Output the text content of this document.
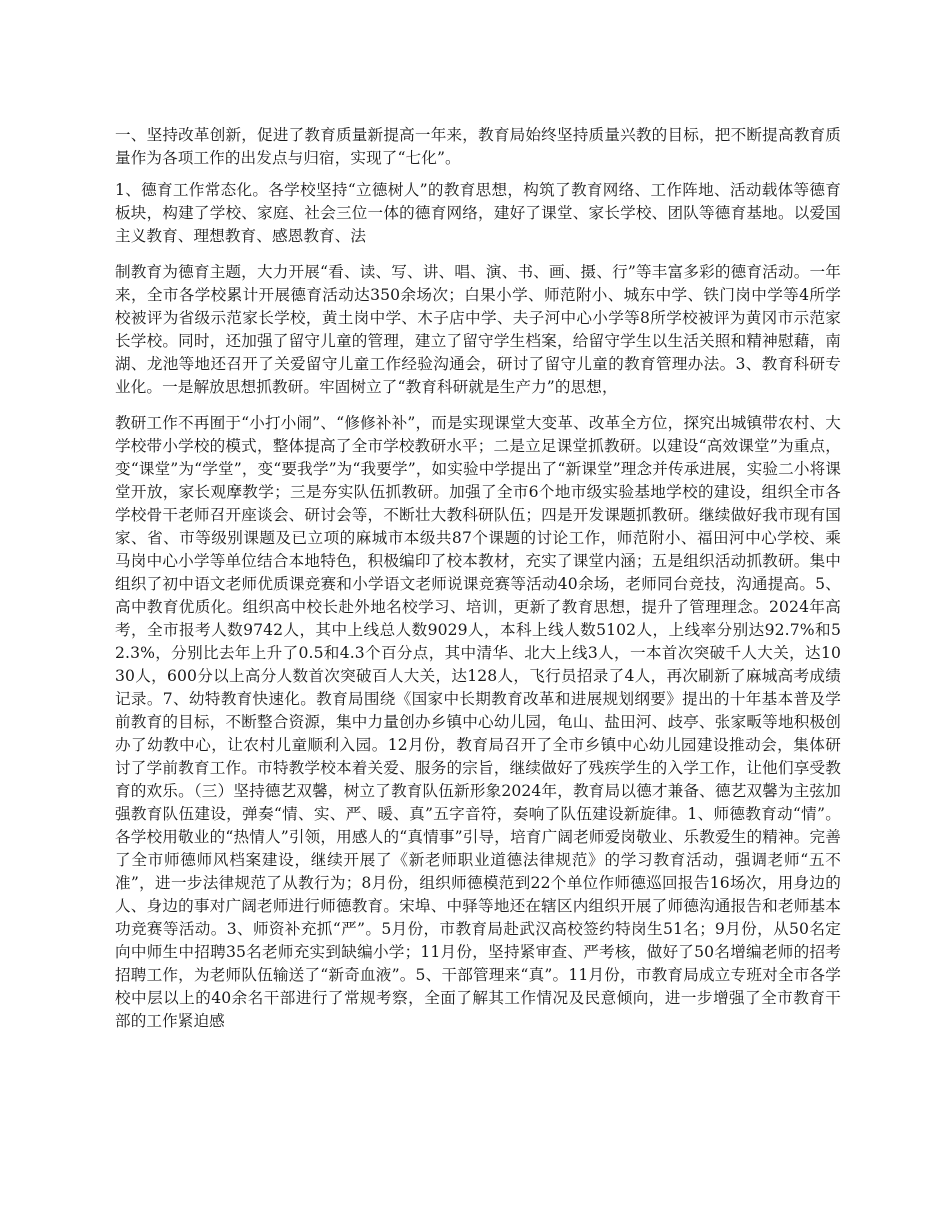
一、坚持改革创新，促进了教育质量新提高一年来，教育局始终坚持质量兴教的目标，把不断提高教育质量作为各项工作的出发点与归宿，实现了“七化”。

1、德育工作常态化。各学校坚持“立德树人”的教育思想，构筑了教育网络、工作阵地、活动载体等德育板块，构建了学校、家庭、社会三位一体的德育网络，建好了课堂、家长学校、团队等德育基地。以爱国主义教育、理想教育、感恩教育、法

制教育为德育主题，大力开展“看、读、写、讲、唱、演、书、画、摄、行”等丰富多彩的德育活动。一年来，全市各学校累计开展德育活动达350余场次；白果小学、师范附小、城东中学、铁门岗中学等4所学校被评为省级示范家长学校，黄土岗中学、木子店中学、夫子河中心小学等8所学校被评为黄冈市示范家长学校。同时，还加强了留守儿童的管理，建立了留守学生档案，给留守学生以生活关照和精神慰藉，南湖、龙池等地还召开了关爱留守儿童工作经验沟通会，研讨了留守儿童的教育管理办法。3、教育科研专业化。一是解放思想抓教研。牢固树立了“教育科研就是生产力”的思想，

教研工作不再囿于“小打小闹”、“修修补补”，而是实现课堂大变革、改革全方位，探究出城镇带农村、大学校带小学校的模式，整体提高了全市学校教研水平；二是立足课堂抓教研。以建设“高效课堂”为重点，变“课堂”为“学堂”，变“要我学”为“我要学”，如实验中学提出了“新课堂”理念并传承进展，实验二小将课堂开放，家长观摩教学；三是夯实队伍抓教研。加强了全市6个地市级实验基地学校的建设，组织全市各学校骨干老师召开座谈会、研讨会等，不断壮大教科研队伍；四是开发课题抓教研。继续做好我市现有国家、省、市等级别课题及已立项的麻城市本级共87个课题的讨论工作，师范附小、福田河中心学校、乘马岗中心小学等单位结合本地特色，积极编印了校本教材，充实了课堂内涵；五是组织活动抓教研。集中组织了初中语文老师优质课竞赛和小学语文老师说课竞赛等活动40余场，老师同台竞技，沟通提高。5、高中教育优质化。组织高中校长赴外地名校学习、培训，更新了教育思想，提升了管理理念。2024年高考，全市报考人数9742人，其中上线总人数9029人，本科上线人数5102人，上线率分别达92.7%和52.3%，分别比去年上升了0.5和4.3个百分点，其中清华、北大上线3人，一本首次突破千人大关，达1030人，600分以上高分人数首次突破百人大关，达128人，飞行员招录了4人，再次刷新了麻城高考成绩记录。7、幼特教育快速化。教育局围绕《国家中长期教育改革和进展规划纲要》提出的十年基本普及学前教育的目标，不断整合资源，集中力量创办乡镇中心幼儿园，龟山、盐田河、歧亭、张家畈等地积极创办了幼教中心，让农村儿童顺利入园。12月份，教育局召开了全市乡镇中心幼儿园建设推动会，集体研讨了学前教育工作。市特教学校本着关爱、服务的宗旨，继续做好了残疾学生的入学工作，让他们享受教育的欢乐。（三）坚持德艺双馨，树立了教育队伍新形象2024年，教育局以德才兼备、德艺双馨为主弦加强教育队伍建设，弹奏“情、实、严、暖、真”五字音符，奏响了队伍建设新旋律。1、师德教育动“情”。各学校用敬业的“热情人”引领，用感人的“真情事”引导，培育广阔老师爱岗敬业、乐教爱生的精神。完善了全市师德师风档案建设，继续开展了《新老师职业道德法律规范》的学习教育活动，强调老师“五不准”，进一步法律规范了从教行为；8月份，组织师德模范到22个单位作师德巡回报告16场次，用身边的人、身边的事对广阔老师进行师德教育。宋埠、中驿等地还在辖区内组织开展了师德沟通报告和老师基本功竞赛等活动。3、师资补充抓“严”。5月份，市教育局赴武汉高校签约特岗生51名；9月份，从50名定向中师生中招聘35名老师充实到缺编小学；11月份，坚持紧审查、严考核，做好了50名增编老师的招考招聘工作，为老师队伍输送了“新奇血液”。5、干部管理来“真”。11月份，市教育局成立专班对全市各学校中层以上的40余名干部进行了常规考察，全面了解其工作情况及民意倾向，进一步增强了全市教育干部的工作紧迫感
